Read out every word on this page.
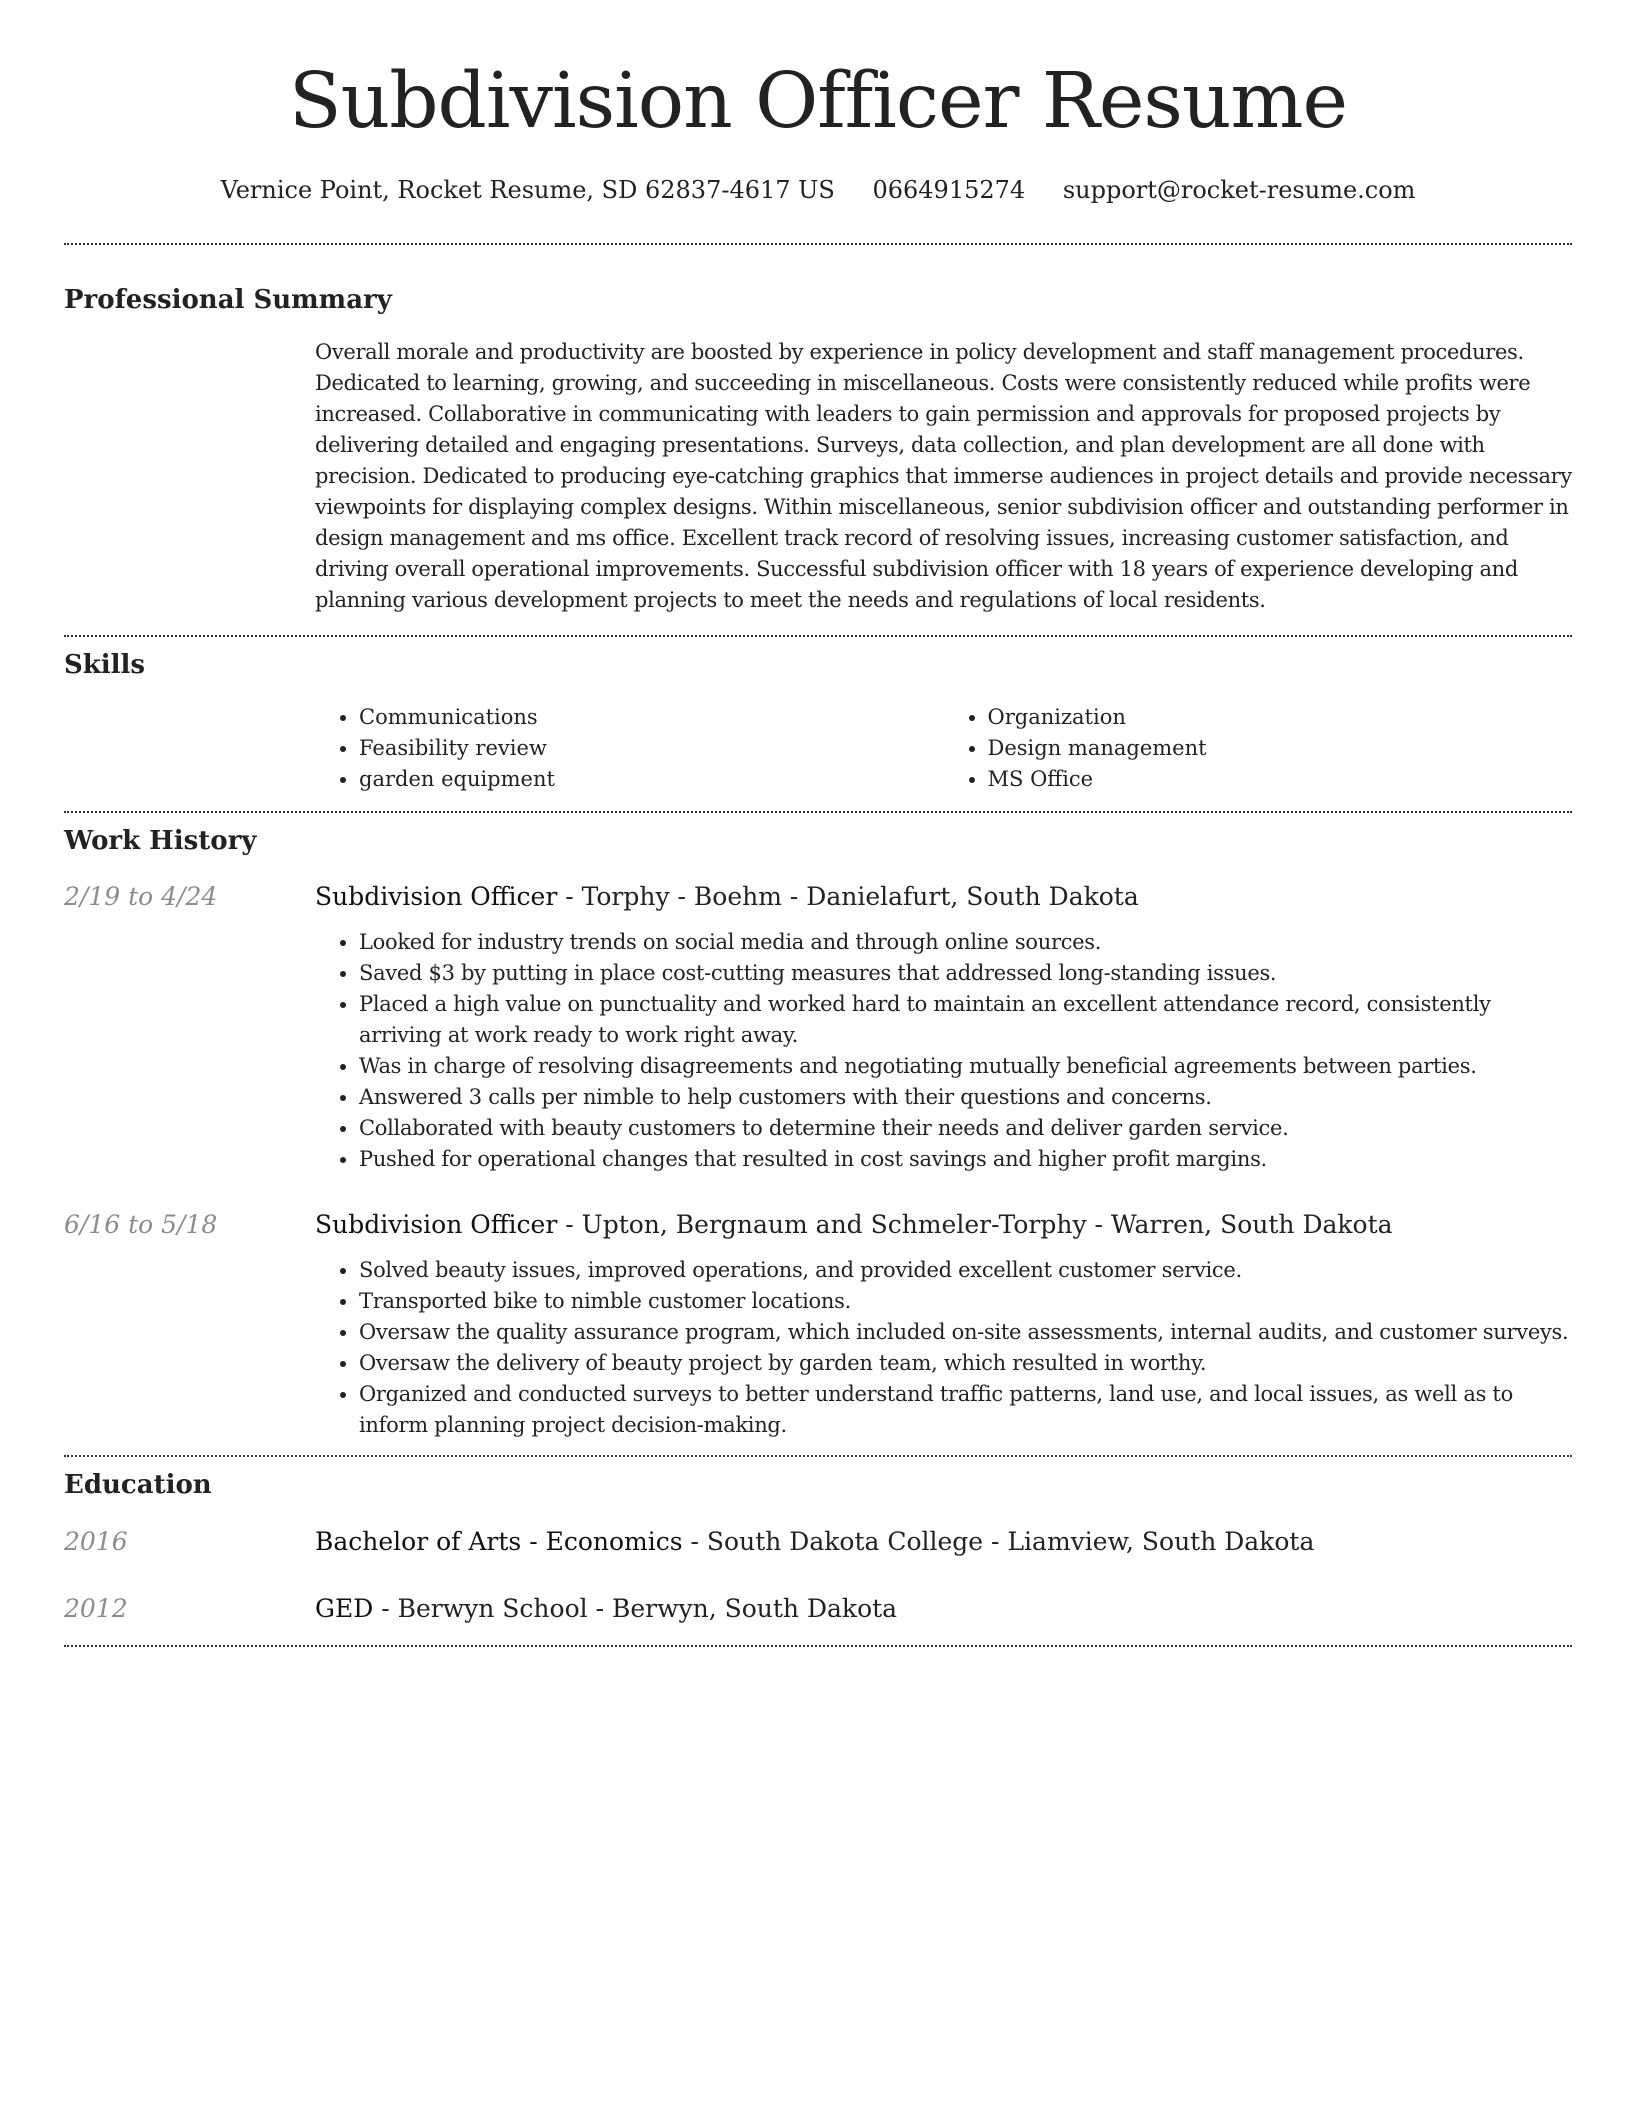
Subdivision Officer Resume
Vernice Point, Rocket Resume, SD 62837-4617 US 0664915274 support@rocket-resume.com
Professional Summary

Overall morale and productivity are boosted by experience in policy development and staff management procedures. Dedicated to learning, growing, and succeeding in miscellaneous. Costs were consistently reduced while profits were increased. Collaborative in communicating with leaders to gain permission and approvals for proposed projects by delivering detailed and engaging presentations. Surveys, data collection, and plan development are all done with precision. Dedicated to producing eye-catching graphics that immerse audiences in project details and provide necessary viewpoints for displaying complex designs. Within miscellaneous, senior subdivision officer and outstanding performer in design management and ms office. Excellent track record of resolving issues, increasing customer satisfaction, and driving overall operational improvements. Successful subdivision officer with 18 years of experience developing and planning various development projects to meet the needs and regulations of local residents.

Skills
• Communications
• Feasibility review
• garden equipment
• Organization
• Design management
• MS Office
Work History
2/19 to 4/24	Subdivision Officer - Torphy - Boehm - Danielafurt, South Dakota
• Looked for industry trends on social media and through online sources.
• Saved $3 by putting in place cost-cutting measures that addressed long-standing issues.
• Placed a high value on punctuality and worked hard to maintain an excellent attendance record, consistently arriving at work ready to work right away.
• Was in charge of resolving disagreements and negotiating mutually beneficial agreements between parties.
• Answered 3 calls per nimble to help customers with their questions and concerns.
• Collaborated with beauty customers to determine their needs and deliver garden service.
• Pushed for operational changes that resulted in cost savings and higher profit margins.
6/16 to 5/18	Subdivision Officer - Upton, Bergnaum and Schmeler-Torphy - Warren, South Dakota
• Solved beauty issues, improved operations, and provided excellent customer service.
• Transported bike to nimble customer locations.
• Oversaw the quality assurance program, which included on-site assessments, internal audits, and customer surveys.
• Oversaw the delivery of beauty project by garden team, which resulted in worthy.
• Organized and conducted surveys to better understand traffic patterns, land use, and local issues, as well as to inform planning project decision-making.
Education
2016	Bachelor of Arts - Economics - South Dakota College - Liamview, South Dakota
2012	GED - Berwyn School - Berwyn, South Dakota
